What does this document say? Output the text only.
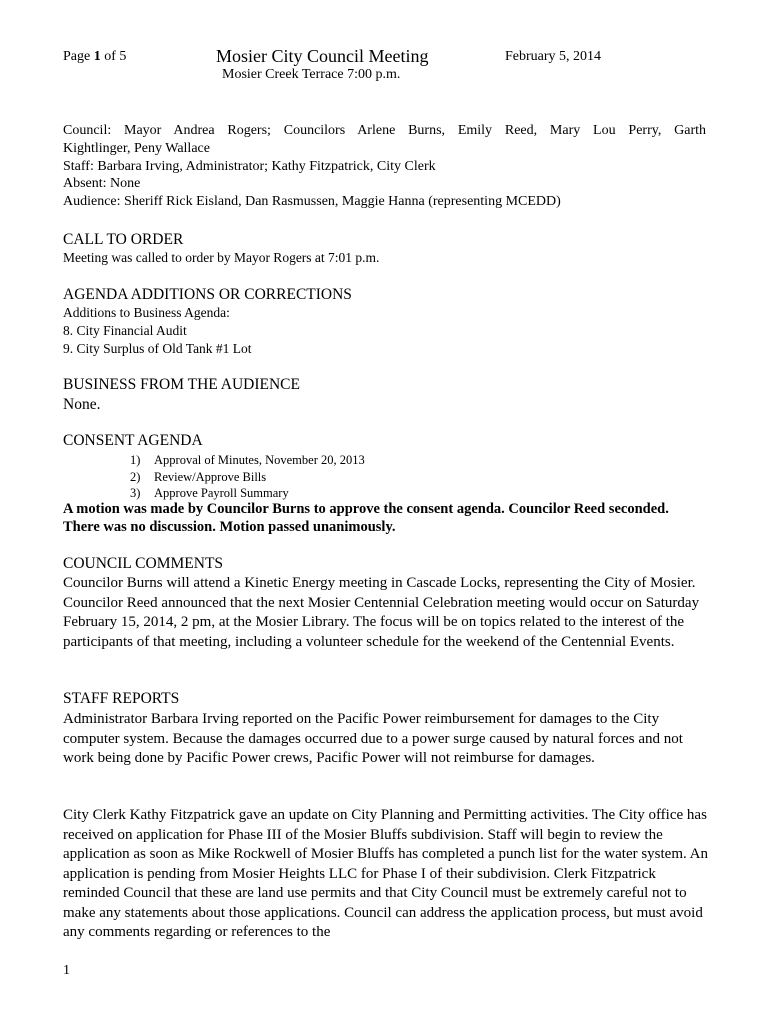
Page 1 of 5	Mosier City Council Meeting
Mosier Creek Terrace 7:00 p.m.
February 5, 2014
Council: Mayor Andrea Rogers; Councilors Arlene Burns, Emily Reed, Mary Lou Perry, Garth
Kightlinger, Peny Wallace
Staff: Barbara Irving, Administrator; Kathy Fitzpatrick, City Clerk
Absent: None
Audience: Sheriff Rick Eisland, Dan Rasmussen, Maggie Hanna (representing MCEDD)
CALL TO ORDER
Meeting was called to order by Mayor Rogers at 7:01 p.m.
AGENDA ADDITIONS OR CORRECTIONS
Additions to Business Agenda:
8. City Financial Audit
9. City Surplus of Old Tank #1 Lot
BUSINESS FROM THE AUDIENCE
None.
CONSENT AGENDA
1) Approval of Minutes, November 20, 2013
2) Review/Approve Bills
3) Approve Payroll Summary
A motion was made by Councilor Burns to approve the consent agenda. Councilor Reed seconded. There was no discussion. Motion passed unanimously.
COUNCIL COMMENTS
Councilor Burns will attend a Kinetic Energy meeting in Cascade Locks, representing the City of Mosier. Councilor Reed announced that the next Mosier Centennial Celebration meeting would occur on Saturday February 15, 2014, 2 pm, at the Mosier Library. The focus will be on topics related to the interest of the participants of that meeting, including a volunteer schedule for the weekend of the Centennial Events.
STAFF REPORTS
Administrator Barbara Irving reported on the Pacific Power reimbursement for damages to the City computer system. Because the damages occurred due to a power surge caused by natural forces and not work being done by Pacific Power crews, Pacific Power will not reimburse for damages.
City Clerk Kathy Fitzpatrick gave an update on City Planning and Permitting activities. The City office has received on application for Phase III of the Mosier Bluffs subdivision. Staff will begin to review the application as soon as Mike Rockwell of Mosier Bluffs has completed a punch list for the water system. An application is pending from Mosier Heights LLC for Phase I of their subdivision. Clerk Fitzpatrick reminded Council that these are land use permits and that City Council must be extremely careful not to make any statements about those applications. Council can address the application process, but must avoid any comments regarding or references to the
1
